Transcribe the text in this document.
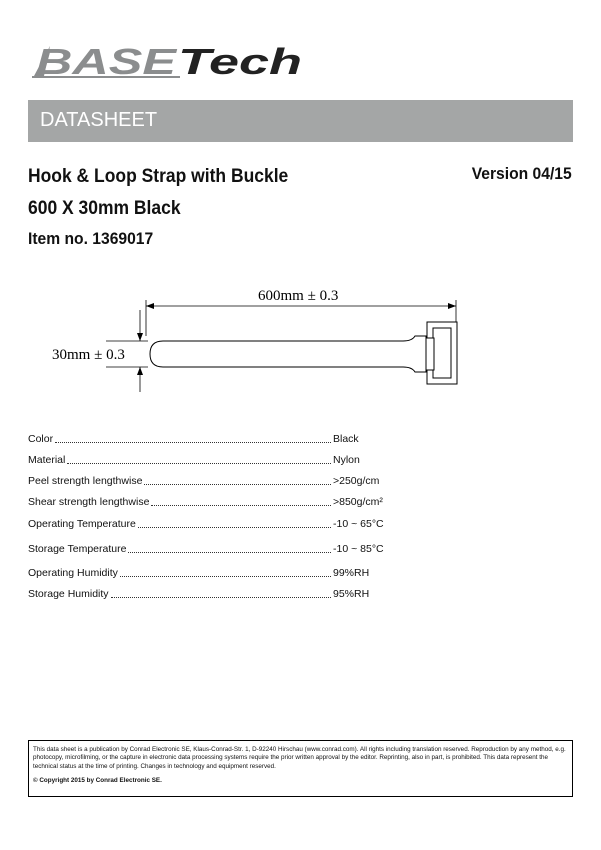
BASE Tech
DATASHEET
Hook & Loop Strap with Buckle
600 X 30mm Black
Item no. 1369017
Version 04/15
600mm ± 0.3
30mm ± 0.3
Color	Black
Material	Nylon
Peel strength lengthwise	>250g/cm
Shear strength lengthwise	>850g/cm²
Operating Temperature	-10 ~ 65°C
Storage Temperature	-10 ~ 85°C
Operating Humidity	99%RH
Storage Humidity	95%RH

This data sheet is a publication by Conrad Electronic SE, Klaus-Conrad-Str. 1, D-92240 Hirschau (www.conrad.com). All rights including translation reserved. Reproduction by any method, e.g. photocopy, microfilming, or the capture in electronic data processing systems require the prior written approval by the editor. Reprinting, also in part, is prohibited. This data represent the technical status at the time of printing. Changes in technology and equipment reserved.

© Copyright 2015 by Conrad Electronic SE.
